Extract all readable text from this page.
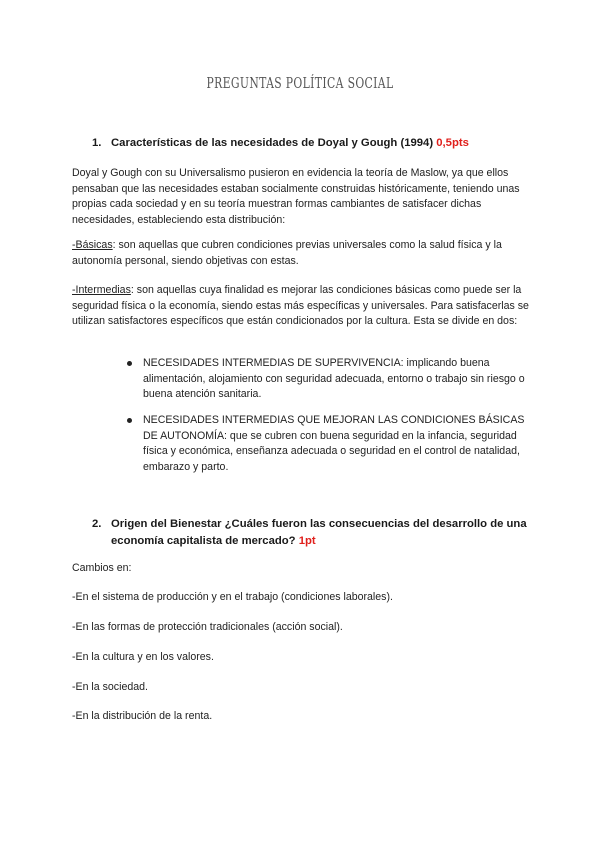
PREGUNTAS POLÍTICA SOCIAL
1. Características de las necesidades de Doyal y Gough (1994) 0,5pts

Doyal y Gough con su Universalismo pusieron en evidencia la teoría de Maslow, ya que ellos pensaban que las necesidades estaban socialmente construidas históricamente, teniendo unas propias cada sociedad y en su teoría muestran formas cambiantes de satisfacer dichas necesidades, estableciendo esta distribución:

-Básicas: son aquellas que cubren condiciones previas universales como la salud física y la autonomía personal, siendo objetivas con estas.

-Intermedias: son aquellas cuya finalidad es mejorar las condiciones básicas como puede ser la seguridad física o la economía, siendo estas más específicas y universales. Para satisfacerlas se utilizan satisfactores específicos que están condicionados por la cultura. Esta se divide en dos:

NECESIDADES INTERMEDIAS DE SUPERVIVENCIA: implicando buena alimentación, alojamiento con seguridad adecuada, entorno o trabajo sin riesgo o buena atención sanitaria.
NECESIDADES INTERMEDIAS QUE MEJORAN LAS CONDICIONES BÁSICAS DE AUTONOMÍA: que se cubren con buena seguridad en la infancia, seguridad física y económica, enseñanza adecuada o seguridad en el control de natalidad, embarazo y parto.
2. Origen del Bienestar ¿Cuáles fueron las consecuencias del desarrollo de una economía capitalista de mercado? 1pt
Cambios en:
-En el sistema de producción y en el trabajo (condiciones laborales).
-En las formas de protección tradicionales (acción social).
-En la cultura y en los valores.
-En la sociedad.
-En la distribución de la renta.
